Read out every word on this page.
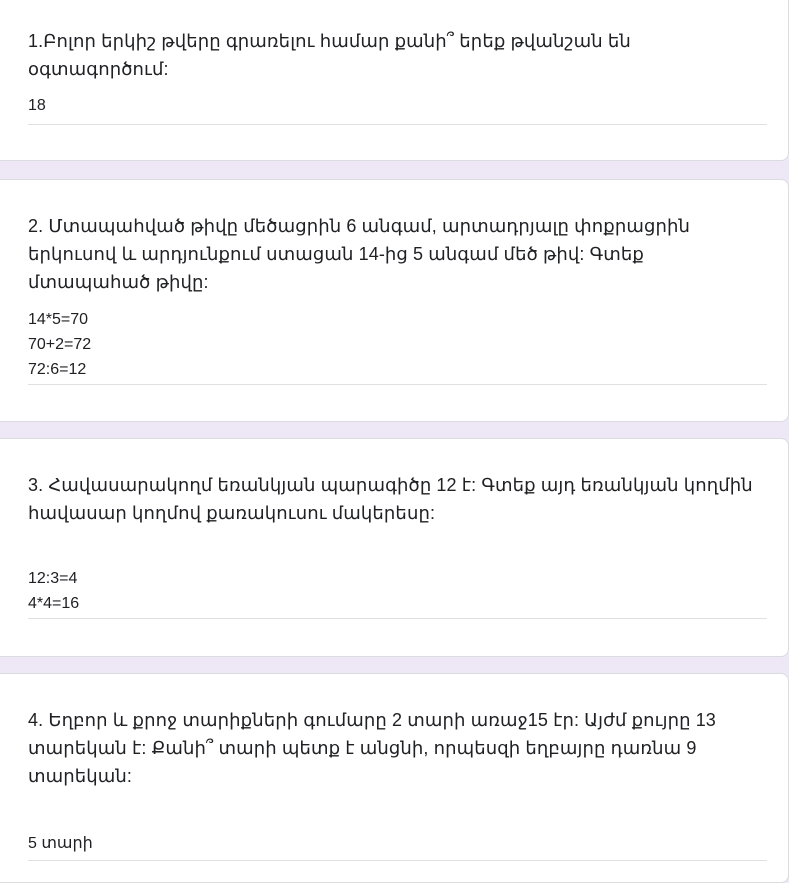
1.Բոլոր երկիշ թվերը գրառելու համար քանի՞ երեք թվանշան են օգտագործում:

18

2. Մտապահված թիվը մեծացրին 6 անգամ, արտադրյալը փոքրացրին երկուսով և արդյունքում ստացան 14-ից 5 անգամ մեծ թիվ: Գտեք մտապահած թիվը:

14*5=70
70+2=72
72:6=12

3. Հավասարակողմ եռանկյան պարագիծը 12 է: Գտեք այդ եռանկյան կողմին հավասար կողմով քառակուսու մակերեսը:

12:3=4
4*4=16

4. Եղբոր և քրոջ տարիքների գումարը 2 տարի առաջ15 էր: Այժմ քույրը 13 տարեկան է: Քանի՞ տարի պետք է անցնի, որպեսզի եղբայրը դառնա 9 տարեկան:

5 տարի
